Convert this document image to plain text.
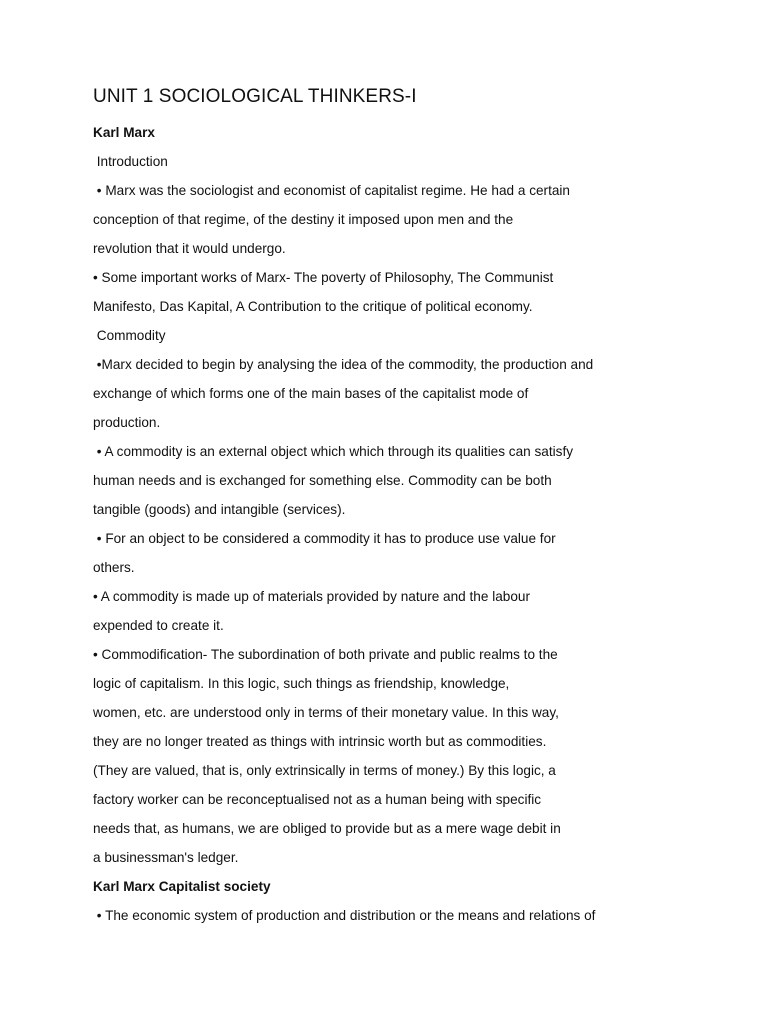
UNIT 1 SOCIOLOGICAL THINKERS-I

Karl Marx

Introduction

• Marx was the sociologist and economist of capitalist regime. He had a certain

conception of that regime, of the destiny it imposed upon men and the

revolution that it would undergo.

• Some important works of Marx- The poverty of Philosophy, The Communist

Manifesto, Das Kapital, A Contribution to the critique of political economy.

Commodity

•Marx decided to begin by analysing the idea of the commodity, the production and

exchange of which forms one of the main bases of the capitalist mode of

production.

• A commodity is an external object which which through its qualities can satisfy

human needs and is exchanged for something else. Commodity can be both

tangible (goods) and intangible (services).

• For an object to be considered a commodity it has to produce use value for

others.

• A commodity is made up of materials provided by nature and the labour

expended to create it.

• Commodification- The subordination of both private and public realms to the

logic of capitalism. In this logic, such things as friendship, knowledge,

women, etc. are understood only in terms of their monetary value. In this way,

they are no longer treated as things with intrinsic worth but as commodities.

(They are valued, that is, only extrinsically in terms of money.) By this logic, a

factory worker can be reconceptualised not as a human being with specific

needs that, as humans, we are obliged to provide but as a mere wage debit in

a businessman's ledger.

Karl Marx Capitalist society

• The economic system of production and distribution or the means and relations of
